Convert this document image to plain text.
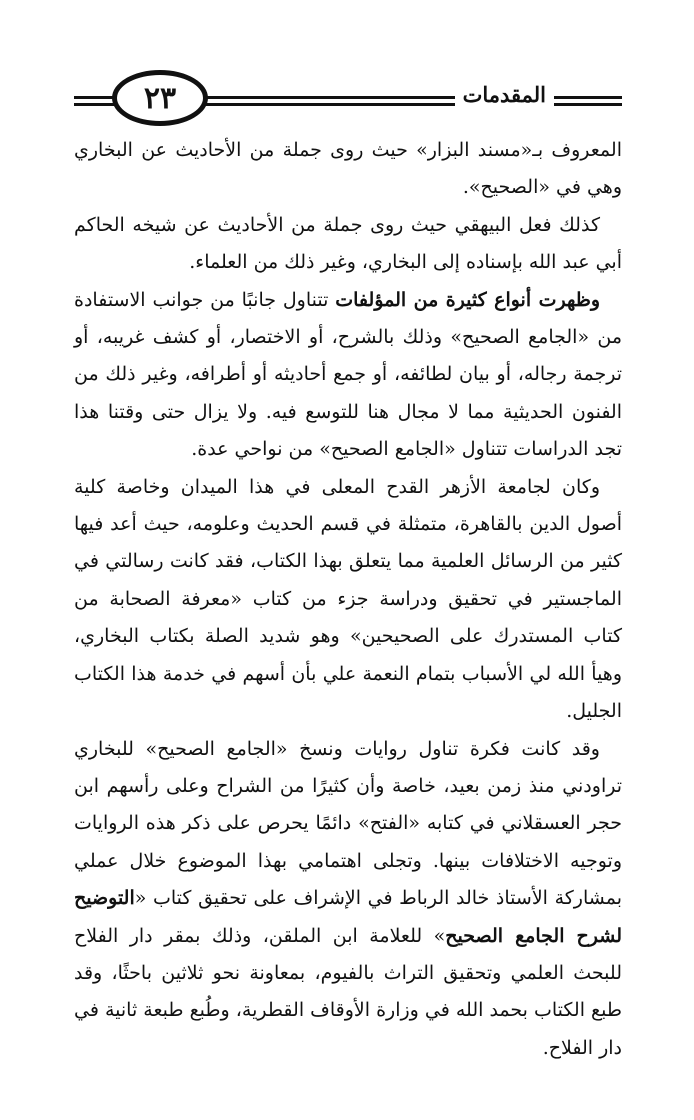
٢٣	المقدمات

المعروف بـ«مسند البزار» حيث روى جملة من الأحاديث عن البخاري وهي في «الصحيح».

كذلك فعل البيهقي حيث روى جملة من الأحاديث عن شيخه الحاكم أبي عبد الله بإسناده إلى البخاري، وغير ذلك من العلماء.

وظهرت أنواع كثيرة من المؤلفات تتناول جانبًا من جوانب الاستفادة من «الجامع الصحيح» وذلك بالشرح، أو الاختصار، أو كشف غريبه، أو ترجمة رجاله، أو بيان لطائفه، أو جمع أحاديثه أو أطرافه، وغير ذلك من الفنون الحديثية مما لا مجال هنا للتوسع فيه. ولا يزال حتى وقتنا هذا تجد الدراسات تتناول «الجامع الصحيح» من نواحي عدة.

وكان لجامعة الأزهر القدح المعلى في هذا الميدان وخاصة كلية أصول الدين بالقاهرة، متمثلة في قسم الحديث وعلومه، حيث أعد فيها كثير من الرسائل العلمية مما يتعلق بهذا الكتاب، فقد كانت رسالتي في الماجستير في تحقيق ودراسة جزء من كتاب «معرفة الصحابة من كتاب المستدرك على الصحيحين» وهو شديد الصلة بكتاب البخاري، وهيأ الله لي الأسباب بتمام النعمة علي بأن أسهم في خدمة هذا الكتاب الجليل.

وقد كانت فكرة تناول روايات ونسخ «الجامع الصحيح» للبخاري تراودني منذ زمن بعيد، خاصة وأن كثيرًا من الشراح وعلى رأسهم ابن حجر العسقلاني في كتابه «الفتح» دائمًا يحرص على ذكر هذه الروايات وتوجيه الاختلافات بينها. وتجلى اهتمامي بهذا الموضوع خلال عملي بمشاركة الأستاذ خالد الرباط في الإشراف على تحقيق كتاب «التوضيح لشرح الجامع الصحيح» للعلامة ابن الملقن، وذلك بمقر دار الفلاح للبحث العلمي وتحقيق التراث بالفيوم، بمعاونة نحو ثلاثين باحثًا، وقد طبع الكتاب بحمد الله في وزارة الأوقاف القطرية، وطُبع طبعة ثانية في دار الفلاح.
